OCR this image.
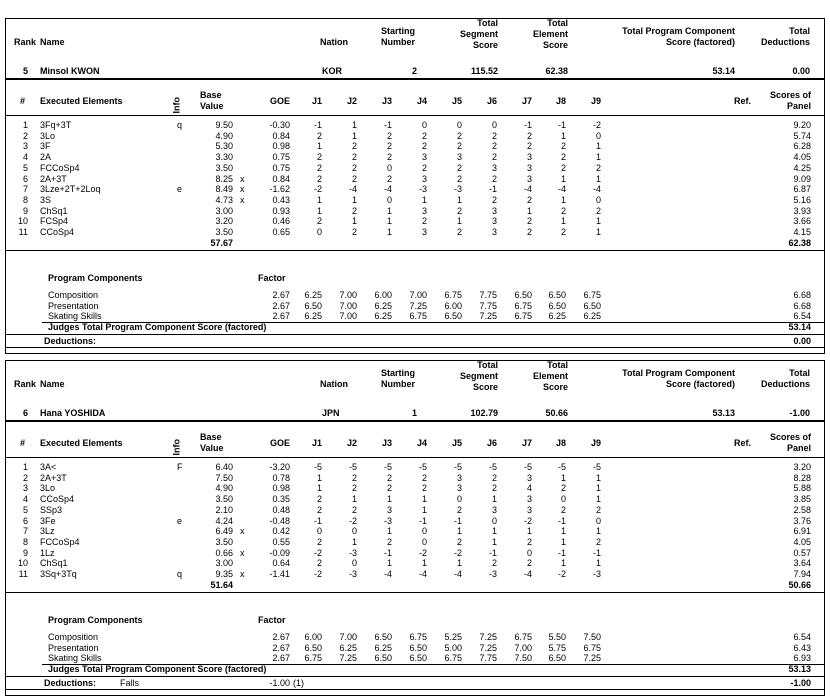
Rank Name	Nation
Starting
Number
Total
Segment
Score
Total
Element
Score
Total Program Component
Score (factored)
Total
Deductions
5 Minsol KWON	KOR	2	115.52	62.38	53.14	0.00
#	Executed Elements	Info
Base
Value	GOE	J1	J2	J3	J4	J5	J6	J7	J8	J9	Ref.
Scores of
Panel
1 3Fq+3T	q	9.50	-0.30	-1	1	-1	0	0	0	-1	-1	-2	9.20
2 3Lo	4.90	0.84	2	1	2	2	2	2	2	1	0	5.74
3 3F	5.30	0.98	1	2	2	2	2	2	2	2	1	6.28
4 2A	3.30	0.75	2	2	2	3	3	2	3	2	1	4.05
5 FCCoSp4	3.50	0.75	2	2	0	2	2	3	3	2	2	4.25
6 2A+3T	8.25 x	0.84	2	2	2	3	2	2	3	1	1	9.09
7 3Lze+2T+2Loq	e	8.49 x	-1.62	-2	-4	-4	-3	-3	-1	-4	-4	-4	6.87
8 3S	4.73 x	0.43	1	1	0	1	1	2	2	1	0	5.16
9 ChSq1	3.00	0.93	1	2	1	3	2	3	1	2	2	3.93
10 FCSp4	3.20	0.46	2	1	1	2	1	3	2	1	1	3.66
11 CCoSp4	3.50	0.65	0	2	1	3	2	3	2	2	1	4.15
57.67	62.38
Program Components	Factor
Composition	2.67	6.25	7.00	6.00	7.00	6.75	7.75	6.50	6.50	6.75	6.68
Presentation	2.67	6.50	7.00	6.25	7.25	6.00	7.75	6.75	6.50	6.50	6.68
Skating Skills	2.67	6.25	7.00	6.25	6.75	6.50	7.25	6.75	6.25	6.25	6.54
Judges Total Program Component Score (factored)	53.14
Deductions:	0.00
Rank Name	Nation
Starting
Number
Total
Segment
Score
Total
Element
Score
Total Program Component
Score (factored)
Total
Deductions
6 Hana YOSHIDA	JPN	1	102.79	50.66	53.13	-1.00
#	Executed Elements	Info
Base
Value	GOE	J1	J2	J3	J4	J5	J6	J7	J8	J9	Ref.
Scores of
Panel
1 3A<	F	6.40	-3.20	-5	-5	-5	-5	-5	-5	-5	-5	-5	3.20
2 2A+3T	7.50	0.78	1	2	2	2	3	2	3	1	1	8.28
3 3Lo	4.90	0.98	1	2	2	2	3	2	4	2	1	5.88
4 CCoSp4	3.50	0.35	2	1	1	1	0	1	3	0	1	3.85
5 SSp3	2.10	0.48	2	2	3	1	2	3	3	2	2	2.58
6 3Fe	e	4.24	-0.48	-1	-2	-3	-1	-1	0	-2	-1	0	3.76
7 3Lz	6.49 x	0.42	0	0	1	0	1	1	1	1	1	6.91
8 FCCoSp4	3.50	0.55	2	1	2	0	2	1	2	1	2	4.05
9 1Lz	0.66 x	-0.09	-2	-3	-1	-2	-2	-1	0	-1	-1	0.57
10 ChSq1	3.00	0.64	2	0	1	1	1	2	2	1	1	3.64
11 3Sq+3Tq	q	9.35 x	-1.41	-2	-3	-4	-4	-4	-3	-4	-2	-3	7.94
51.64	50.66
Program Components	Factor
Composition	2.67	6.00	7.00	6.50	6.75	5.25	7.25	6.75	5.50	7.50	6.54
Presentation	2.67	6.50	6.25	6.25	6.50	5.00	7.25	7.00	5.75	6.75	6.43
Skating Skills	2.67	6.75	7.25	6.50	6.50	6.75	7.75	7.50	6.50	7.25	6.93
Judges Total Program Component Score (factored)	53.13
Deductions:	Falls	-1.00 (1)	-1.00
